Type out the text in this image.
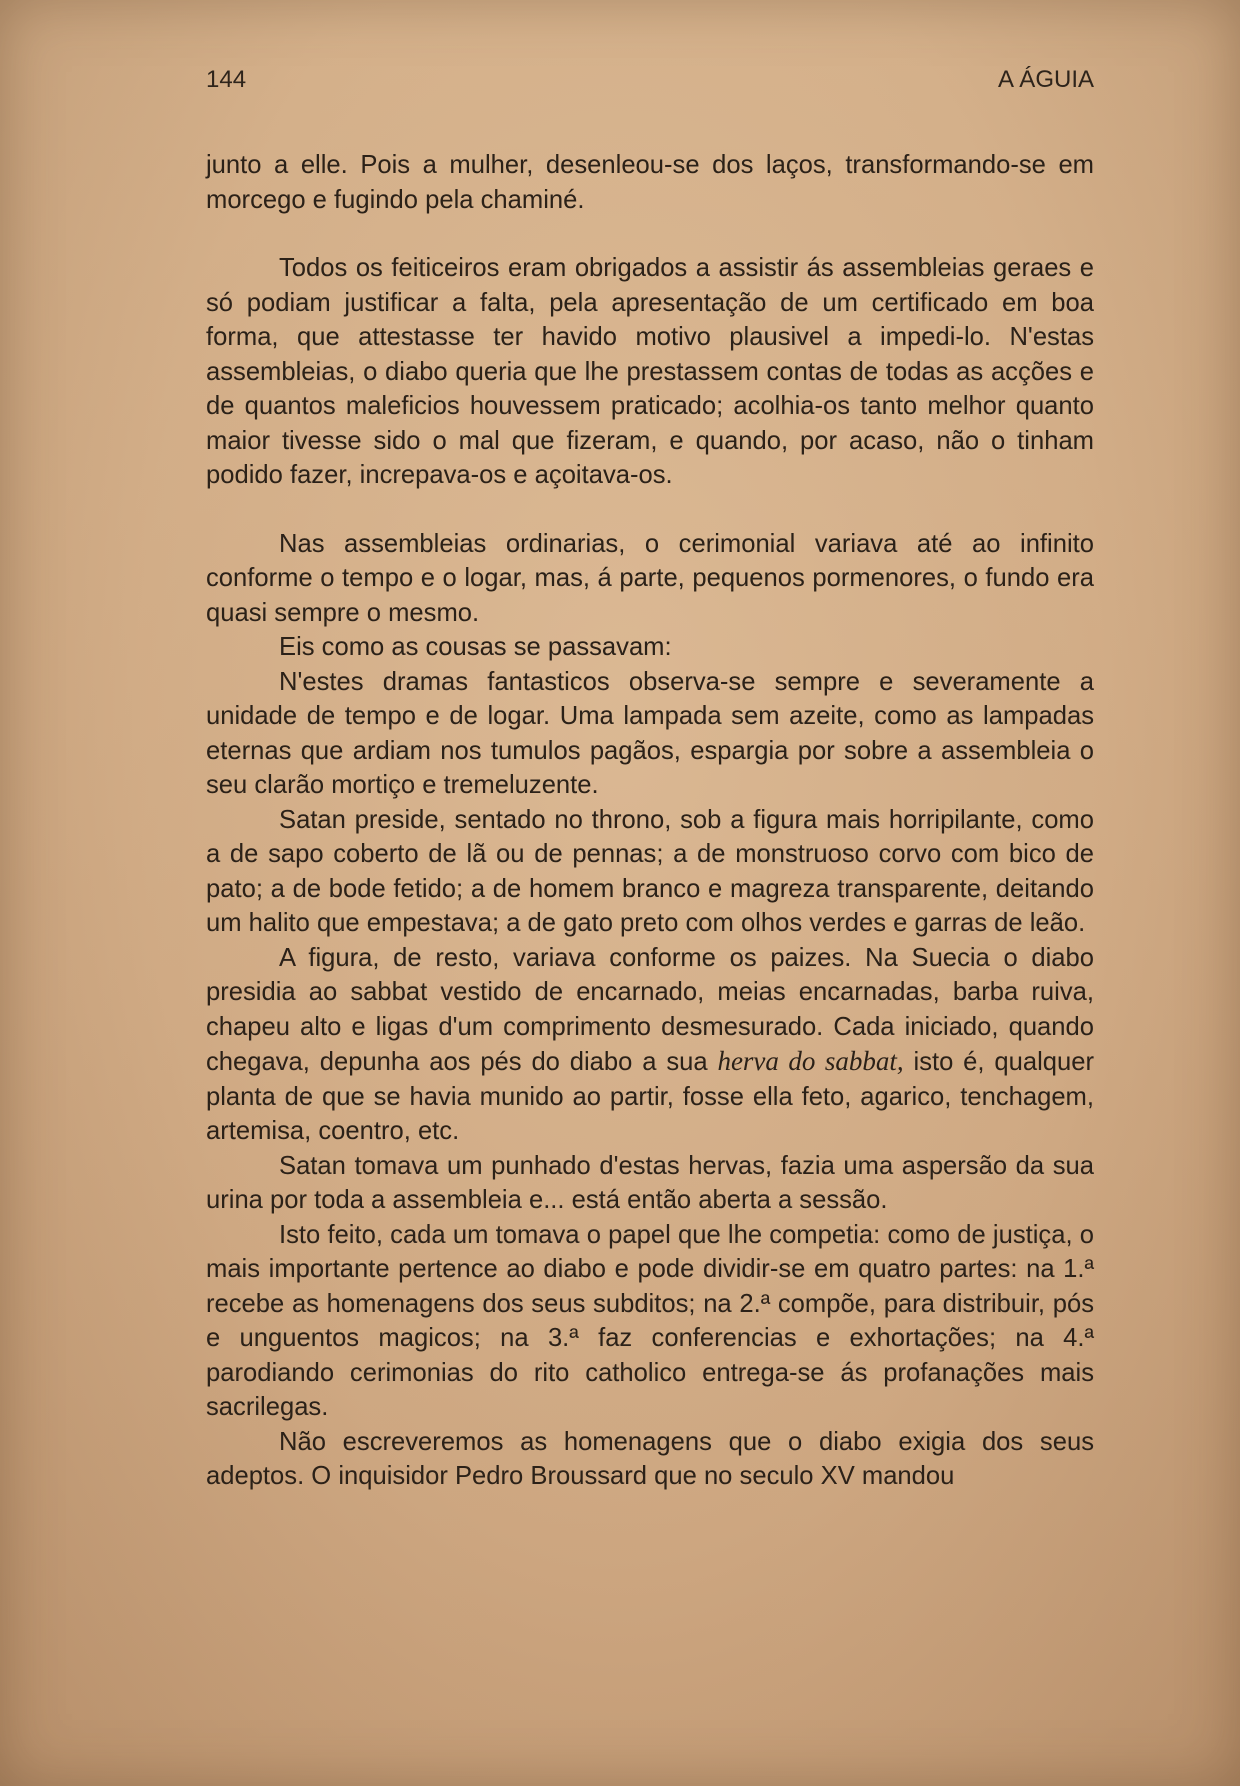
144	A ÁGUIA

junto a elle. Pois a mulher, desenleou-se dos laços, transformando-se em morcego e fugindo pela chaminé.

Todos os feiticeiros eram obrigados a assistir ás assembleias geraes e só podiam justificar a falta, pela apresentação de um certificado em boa forma, que attestasse ter havido motivo plausivel a impedi-lo. N'estas assembleias, o diabo queria que lhe prestassem contas de todas as acções e de quantos maleficios houvessem praticado; acolhia-os tanto melhor quanto maior tivesse sido o mal que fizeram, e quando, por acaso, não o tinham podido fazer, increpava-os e açoitava-os.

Nas assembleias ordinarias, o cerimonial variava até ao infinito conforme o tempo e o logar, mas, á parte, pequenos pormenores, o fundo era quasi sempre o mesmo.

Eis como as cousas se passavam:

N'estes dramas fantasticos observa-se sempre e severamente a unidade de tempo e de logar. Uma lampada sem azeite, como as lampadas eternas que ardiam nos tumulos pagãos, espargia por sobre a assembleia o seu clarão mortiço e tremeluzente.

Satan preside, sentado no throno, sob a figura mais horripilante, como a de sapo coberto de lã ou de pennas; a de monstruoso corvo com bico de pato; a de bode fetido; a de homem branco e magreza transparente, deitando um halito que empestava; a de gato preto com olhos verdes e garras de leão.

A figura, de resto, variava conforme os paizes. Na Suecia o diabo presidia ao sabbat vestido de encarnado, meias encarnadas, barba ruiva, chapeu alto e ligas d'um comprimento desmesurado. Cada iniciado, quando chegava, depunha aos pés do diabo a sua herva do sabbat, isto é, qualquer planta de que se havia munido ao partir, fosse ella feto, agarico, tenchagem, artemisa, coentro, etc.

Satan tomava um punhado d'estas hervas, fazia uma aspersão da sua urina por toda a assembleia e... está então aberta a sessão.

Isto feito, cada um tomava o papel que lhe competia: como de justiça, o mais importante pertence ao diabo e pode dividir-se em quatro partes: na 1.ª recebe as homenagens dos seus subditos; na 2.ª compõe, para distribuir, pós e unguentos magicos; na 3.ª faz conferencias e exhortações; na 4.ª parodiando cerimonias do rito catholico entrega-se ás profanações mais sacrilegas.

Não escreveremos as homenagens que o diabo exigia dos seus adeptos. O inquisidor Pedro Broussard que no seculo XV mandou
